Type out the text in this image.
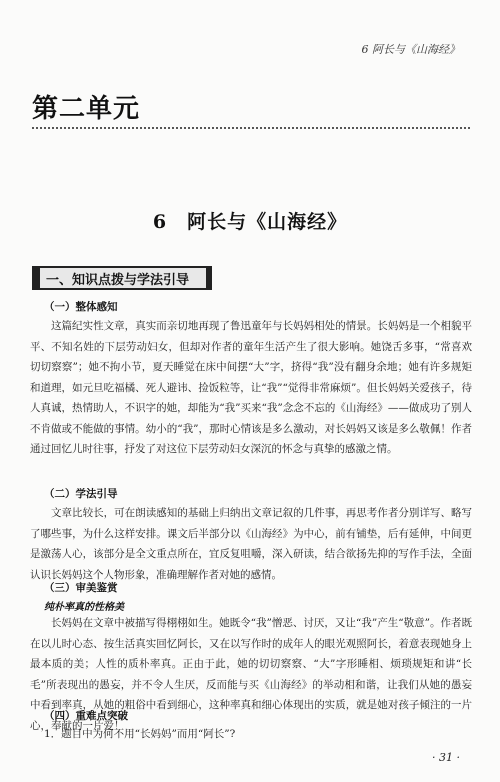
6 阿长与《山海经》
第二单元
6　阿长与《山海经》
一、知识点拨与学法引导
（一）整体感知

这篇纪实性文章，真实而亲切地再现了鲁迅童年与长妈妈相处的情景。长妈妈是一个相貌平平、不知名姓的下层劳动妇女，但却对作者的童年生活产生了很大影响。她饶舌多事，“常喜欢切切察察”；她不拘小节，夏天睡觉在床中间摆“大”字，挤得“我”没有翻身余地；她有许多规矩和道理，如元旦吃福橘、死人避讳、捡饭粒等，让“我”“觉得非常麻烦”。但长妈妈关爱孩子，待人真诚，热情助人，不识字的她，却能为“我”买来“我”念念不忘的《山海经》——做成功了别人不肯做或不能做的事情。幼小的“我”，那时心情该是多么激动，对长妈妈又该是多么敬佩！作者通过回忆儿时往事，抒发了对这位下层劳动妇女深沉的怀念与真挚的感激之情。

（二）学法引导

文章比较长，可在朗读感知的基础上归纳出文章记叙的几件事，再思考作者分别详写、略写了哪些事，为什么这样安排。课文后半部分以《山海经》为中心，前有铺垫，后有延伸，中间更是激荡人心，该部分是全文重点所在，宜反复咀嚼，深入研读，结合欲扬先抑的写作手法，全面认识长妈妈这个人物形象，准确理解作者对她的感情。

（三）审美鉴赏
纯朴率真的性格美

长妈妈在文章中被描写得栩栩如生。她既令“我”憎恶、讨厌，又让“我”产生“敬意”。作者既在以儿时心态、按生活真实回忆阿长，又在以写作时的成年人的眼光观照阿长，着意表现她身上最本质的美；人性的质朴率真。正由于此，她的切切察察、“大”字形睡相、烦琐规矩和讲“长毛”所表现出的愚妄，并不令人生厌，反而能与买《山海经》的举动相和谐，让我们从她的愚妄中看到率真，从她的粗俗中看到细心，这种率真和细心体现出的实质，就是她对孩子倾注的一片心，奉献的一片爱！

（四）重难点突破
1．题目中为何不用“长妈妈”而用“阿长”?
· 31 ·
